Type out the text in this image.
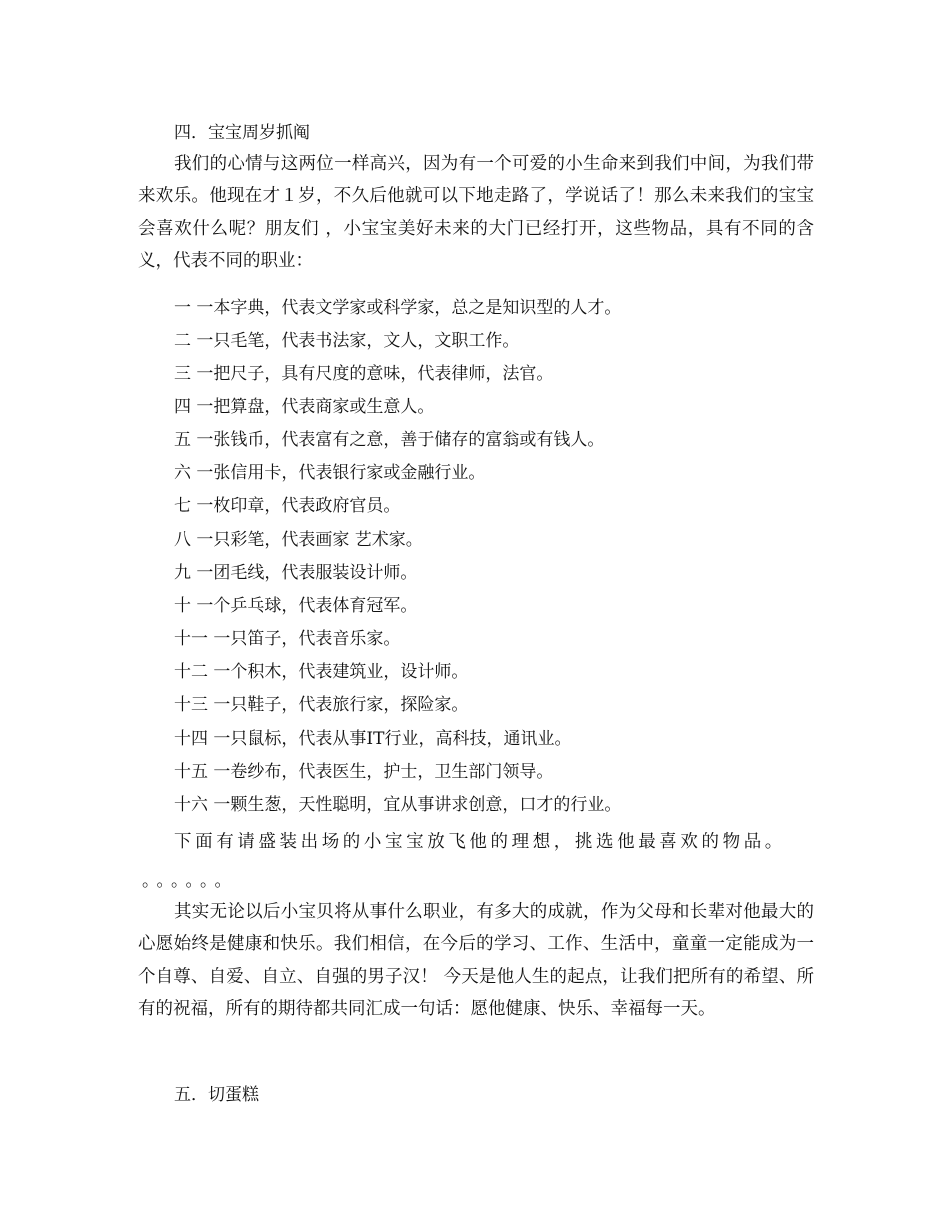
四．宝宝周岁抓阄

我们的心情与这两位一样高兴，因为有一个可爱的小生命来到我们中间，为我们带来欢乐。他现在才１岁，不久后他就可以下地走路了，学说话了！那么未来我们的宝宝会喜欢什么呢？朋友们 ，小宝宝美好未来的大门已经打开，这些物品，具有不同的含义，代表不同的职业：

一 一本字典，代表文学家或科学家，总之是知识型的人才。
二 一只毛笔，代表书法家，文人，文职工作。
三 一把尺子，具有尺度的意味，代表律师，法官。
四 一把算盘，代表商家或生意人。
五 一张钱币，代表富有之意，善于储存的富翁或有钱人。
六 一张信用卡，代表银行家或金融行业。
七 一枚印章，代表政府官员。
八 一只彩笔，代表画家 艺术家。
九 一团毛线，代表服装设计师。
十 一个乒乓球，代表体育冠军。
十一 一只笛子，代表音乐家。
十二 一个积木，代表建筑业，设计师。
十三 一只鞋子，代表旅行家，探险家。
十四 一只鼠标，代表从事IT行业，高科技，通讯业。
十五 一卷纱布，代表医生，护士，卫生部门领导。
十六 一颗生葱，天性聪明，宜从事讲求创意，口才的行业。
下面有请盛装出场的小宝宝放飞他的理想，挑选他最喜欢的物品。
。。。。。。

其实无论以后小宝贝将从事什么职业，有多大的成就，作为父母和长辈对他最大的心愿始终是健康和快乐。我们相信，在今后的学习、工作、生活中，童童一定能成为一个自尊、自爱、自立、自强的男子汉！ 今天是他人生的起点，让我们把所有的希望、所有的祝福，所有的期待都共同汇成一句话：愿他健康、快乐、幸福每一天。

五．切蛋糕
